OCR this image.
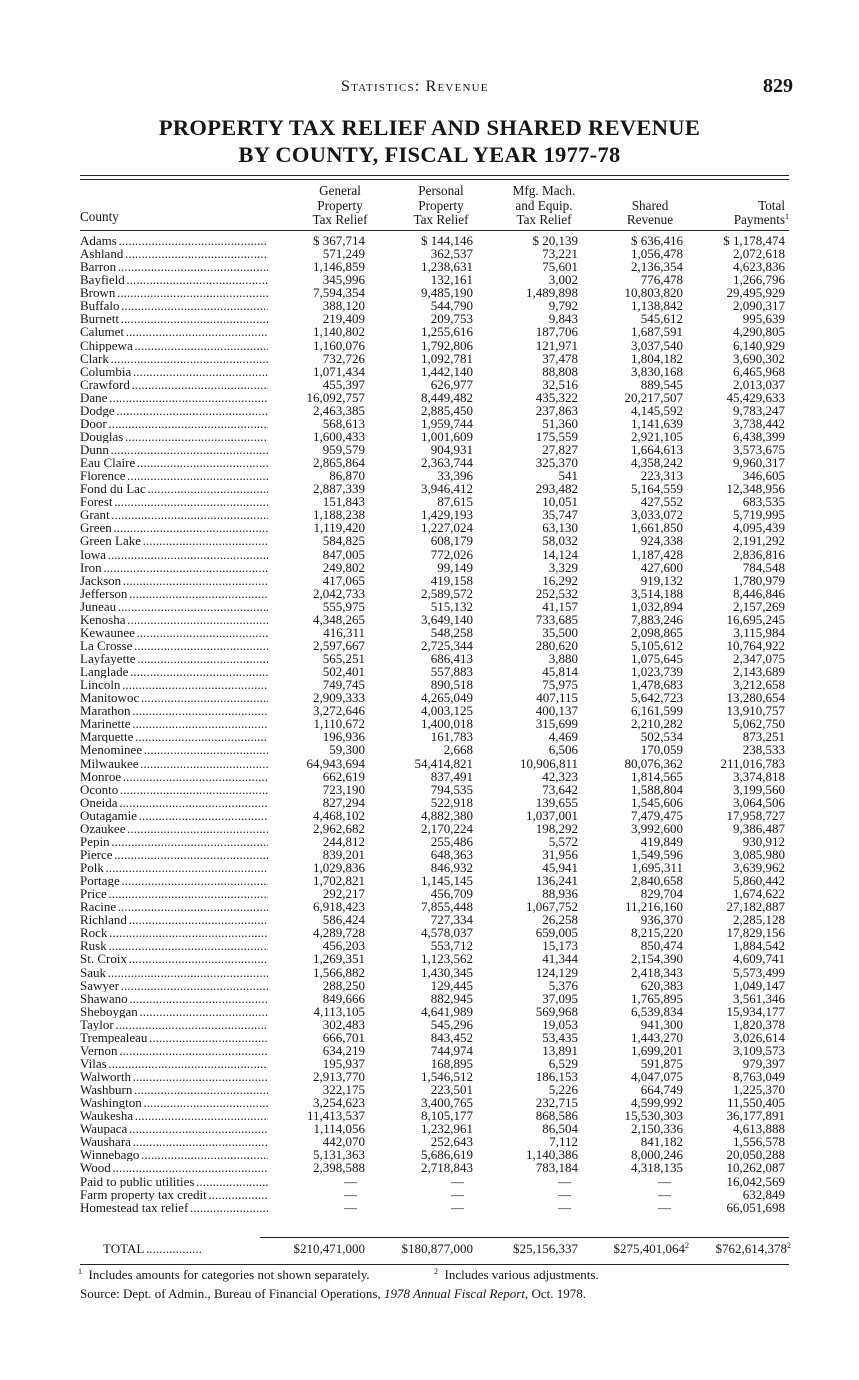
Statistics: Revenue	829
PROPERTY TAX RELIEF AND SHARED REVENUE
BY COUNTY, FISCAL YEAR 1977-78
County
General
Property
Tax Relief
Personal
Property
Tax Relief
Mfg. Mach.
and Equip.
Tax Relief
Shared
Revenue
Total
Payments$^1$
Adams . . .	$ 367,714	$ 144,146	$ 20,139	$ 636,416	$ 1,178,474
Ashland . . .	571,249	362,537	73,221	1,056,478	2,072,618
Barron . . .	1,146,859	1,238,631	75,601	2,136,354	4,623,836
Bayfield . . .	345,996	132,161	3,002	776,478	1,266,796
Brown . . .	7,594,354	9,485,190	1,489,898	10,803,820	29,495,929
Buffalo . . .	388,120	544,790	9,792	1,138,842	2,090,317
Burnett . . .	219,409	209,753	9,843	545,612	995,639
Calumet . . .	1,140,802	1,255,616	187,706	1,687,591	4,290,805
Chippewa . . .	1,160,076	1,792,806	121,971	3,037,540	6,140,929
Clark . . .	732,726	1,092,781	37,478	1,804,182	3,690,302
Columbia . . .	1,071,434	1,442,140	88,808	3,830,168	6,465,968
Crawford . . .	455,397	626,977	32,516	889,545	2,013,037
Dane . . .	16,092,757	8,449,482	435,322	20,217,507	45,429,633
Dodge . . .	2,463,385	2,885,450	237,863	4,145,592	9,783,247
Door . . .	568,613	1,959,744	51,360	1,141,639	3,738,442
Douglas . . .	1,600,433	1,001,609	175,559	2,921,105	6,438,399
Dunn . . .	959,579	904,931	27,827	1,664,613	3,573,675
Eau Claire . . .	2,865,864	2,363,744	325,370	4,358,242	9,960,317
Florence . . .	86,870	33,396	541	223,313	346,605
Fond du Lac . . .	2,887,339	3,946,412	293,482	5,164,559	12,348,956
Forest . . .	151,843	87,615	10,051	427,552	683,535
Grant . . .	1,188,238	1,429,193	35,747	3,033,072	5,719,995
Green . . .	1,119,420	1,227,024	63,130	1,661,850	4,095,439
Green Lake . . .	584,825	608,179	58,032	924,338	2,191,292
Iowa . . .	847,005	772,026	14,124	1,187,428	2,836,816
Iron . . .	249,802	99,149	3,329	427,600	784,548
Jackson . . .	417,065	419,158	16,292	919,132	1,780,979
Jefferson . . .	2,042,733	2,589,572	252,532	3,514,188	8,446,846
Juneau . . .	555,975	515,132	41,157	1,032,894	2,157,269
Kenosha . . .	4,348,265	3,649,140	733,685	7,883,246	16,695,245
Kewaunee . . .	416,311	548,258	35,500	2,098,865	3,115,984
La Crosse . . .	2,597,667	2,725,344	280,620	5,105,612	10,764,922
Layfayette . . .	565,251	686,413	3,880	1,075,645	2,347,075
Langlade . . .	502,401	557,883	45,814	1,023,739	2,143,689
Lincoln . . .	749,745	890,518	75,975	1,478,683	3,212,658
Manitowoc . . .	2,909,333	4,265,049	407,115	5,642,723	13,280,654
Marathon . . .	3,272,646	4,003,125	400,137	6,161,599	13,910,757
Marinette . . .	1,110,672	1,400,018	315,699	2,210,282	5,062,750
Marquette . . .	196,936	161,783	4,469	502,534	873,251
Menominee . . .	59,300	2,668	6,506	170,059	238,533
Milwaukee . . .	64,943,694	54,414,821	10,906,811	80,076,362	211,016,783
Monroe . . .	662,619	837,491	42,323	1,814,565	3,374,818
Oconto . . .	723,190	794,535	73,642	1,588,804	3,199,560
Oneida . . .	827,294	522,918	139,655	1,545,606	3,064,506
Outagamie . . .	4,468,102	4,882,380	1,037,001	7,479,475	17,958,727
Ozaukee . . .	2,962,682	2,170,224	198,292	3,992,600	9,386,487
Pepin . . .	244,812	255,486	5,572	419,849	930,912
Pierce . . .	839,201	648,363	31,956	1,549,596	3,085,980
Polk . . .	1,029,836	846,932	45,941	1,695,311	3,639,962
Portage . . .	1,702,821	1,145,145	136,241	2,840,658	5,860,442
Price . . .	292,217	456,709	88,936	829,704	1,674,622
Racine . . .	6,918,423	7,855,448	1,067,752	11,216,160	27,182,887
Richland . . .	586,424	727,334	26,258	936,370	2,285,128
Rock . . .	4,289,728	4,578,037	659,005	8,215,220	17,829,156
Rusk . . .	456,203	553,712	15,173	850,474	1,884,542
St. Croix . . .	1,269,351	1,123,562	41,344	2,154,390	4,609,741
Sauk . . .	1,566,882	1,430,345	124,129	2,418,343	5,573,499
Sawyer . . .	288,250	129,445	5,376	620,383	1,049,147
Shawano . . .	849,666	882,945	37,095	1,765,895	3,561,346
Sheboygan . . .	4,113,105	4,641,989	569,968	6,539,834	15,934,177
Taylor . . .	302,483	545,296	19,053	941,300	1,820,378
Trempealeau . . .	666,701	843,452	53,435	1,443,270	3,026,614
Vernon . . .	634,219	744,974	13,891	1,699,201	3,109,573
Vilas . . .	195,937	168,895	6,529	591,875	979,397
Walworth . . .	2,913,770	1,546,512	186,153	4,047,075	8,763,049
Washburn . . .	322,175	223,501	5,226	664,749	1,225,370
Washington . . .	3,254,623	3,400,765	232,715	4,599,992	11,550,405
Waukesha . . .	11,413,537	8,105,177	868,586	15,530,303	36,177,891
Waupaca . . .	1,114,056	1,232,961	86,504	2,150,336	4,613,888
Waushara . . .	442,070	252,643	7,112	841,182	1,556,578
Winnebago . . .	5,131,363	5,686,619	1,140,386	8,000,246	20,050,288
Wood . . .	2,398,588	2,718,843	783,184	4,318,135	10,262,087
Paid to public utilities . . .	—	—	—	—	16,042,569
Farm property tax credit . . .	—	—	—	—	632,849
Homestead tax relief . . .	—	—	—	—	66,051,698
TOTAL . . .	$210,471,000	$180,877,000	$25,156,337	$275,401,064$^2$ $762,614,378$^2$
$^1$ Includes amounts for categories not shown separately.	$^2$ Includes various adjustments.
Source: Dept. of Admin., Bureau of Financial Operations, 1978 Annual Fiscal Report, Oct. 1978.
